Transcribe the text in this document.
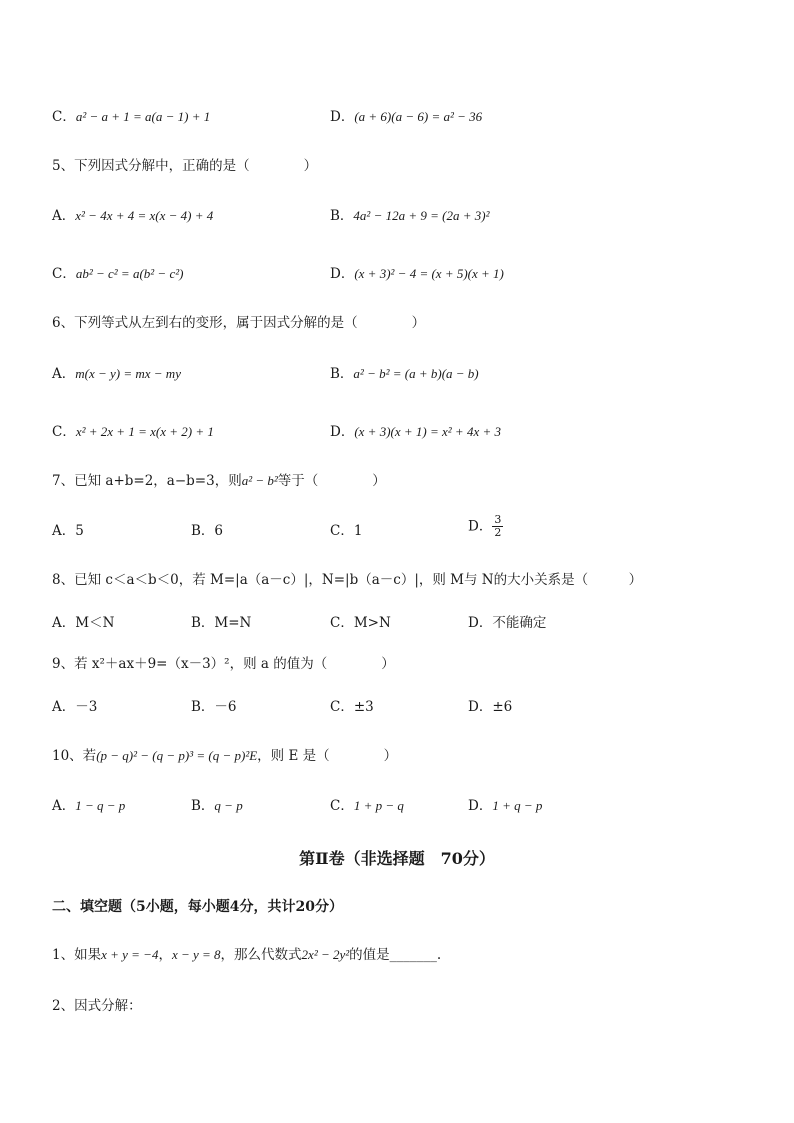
C．a² − a + 1 = a(a − 1) + 1	D．(a + 6)(a − 6) = a² − 36
5、下列因式分解中，正确的是（　　　　）
A．x² − 4x + 4 = x(x − 4) + 4	B．4a² − 12a + 9 = (2a + 3)²
C．ab² − c² = a(b² − c²)	D．(x + 3)² − 4 = (x + 5)(x + 1)
6、下列等式从左到右的变形，属于因式分解的是（　　　　）
A．m(x − y) = mx − my	B．a² − b² = (a + b)(a − b)
C．x² + 2x + 1 = x(x + 2) + 1	D．(x + 3)(x + 1) = x² + 4x + 3
7、已知 a+b=2，a−b=3，则a² − b²等于（　　　　）
A．5	B．6	C．1	D． $\frac{3}{2}$
8、已知 c＜a＜b＜0，若 M=|a（a－c）|，N=|b（a－c）|，则 M与 N的大小关系是（　　　）
A．M＜N	B．M=N	C．M>N	D．不能确定
9、若 x²＋ax＋9=（x－3）²，则 a 的值为（　　　　）
A．－3	B．－6	C．±3	D．±6
10、若(p − q)² − (q − p)³ = (q − p)²E，则 E 是（　　　　）
A．1 − q − p	B．q − p	C．1 + p − q	D．1 + q − p
第Ⅱ卷（非选择题　70分）
二、填空题（5小题，每小题4分，共计20分）
1、如果x + y = −4，x − y = 8，那么代数式2x² − 2y²的值是_______.
2、因式分解：
